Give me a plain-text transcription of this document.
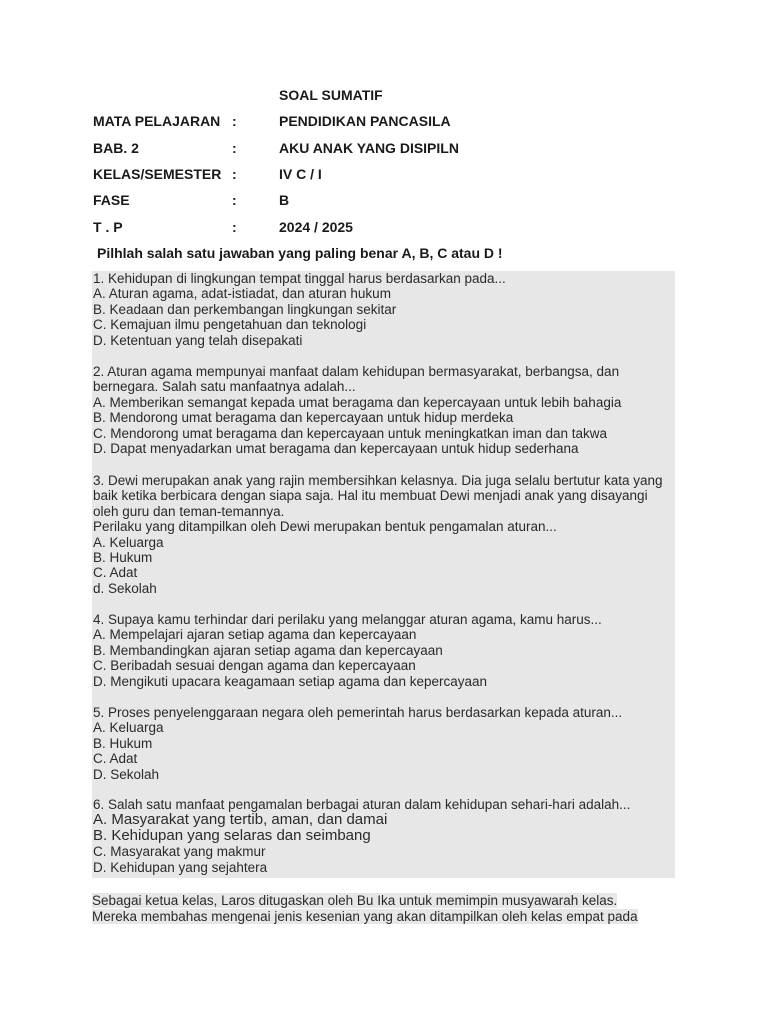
SOAL SUMATIF
MATA PELAJARAN :	PENDIDIKAN PANCASILA
BAB. 2	:	AKU ANAK YANG DISIPILN
KELAS/SEMESTER :	IV C / I
FASE	:	B
T . P	:	2024 / 2025
Pilhlah salah satu jawaban yang paling benar A, B, C atau D !
1. Kehidupan di lingkungan tempat tinggal harus berdasarkan pada...
A. Aturan agama, adat-istiadat, dan aturan hukum
B. Keadaan dan perkembangan lingkungan sekitar
C. Kemajuan ilmu pengetahuan dan teknologi
D. Ketentuan yang telah disepakati
2. Aturan agama mempunyai manfaat dalam kehidupan bermasyarakat, berbangsa, dan bernegara. Salah satu manfaatnya adalah...
A. Memberikan semangat kepada umat beragama dan kepercayaan untuk lebih bahagia
B. Mendorong umat beragama dan kepercayaan untuk hidup merdeka
C. Mendorong umat beragama dan kepercayaan untuk meningkatkan iman dan takwa
D. Dapat menyadarkan umat beragama dan kepercayaan untuk hidup sederhana
3. Dewi merupakan anak yang rajin membersihkan kelasnya. Dia juga selalu bertutur kata yang baik ketika berbicara dengan siapa saja. Hal itu membuat Dewi menjadi anak yang disayangi oleh guru dan teman-temannya.
Perilaku yang ditampilkan oleh Dewi merupakan bentuk pengamalan aturan...
A. Keluarga
B. Hukum
C. Adat
d. Sekolah
4. Supaya kamu terhindar dari perilaku yang melanggar aturan agama, kamu harus...
A. Mempelajari ajaran setiap agama dan kepercayaan
B. Membandingkan ajaran setiap agama dan kepercayaan
C. Beribadah sesuai dengan agama dan kepercayaan
D. Mengikuti upacara keagamaan setiap agama dan kepercayaan
5. Proses penyelenggaraan negara oleh pemerintah harus berdasarkan kepada aturan...
A. Keluarga
B. Hukum
C. Adat
D. Sekolah
6. Salah satu manfaat pengamalan berbagai aturan dalam kehidupan sehari-hari adalah...
A. Masyarakat yang tertib, aman, dan damai
B. Kehidupan yang selaras dan seimbang
C. Masyarakat yang makmur
D. Kehidupan yang sejahtera
Sebagai ketua kelas, Laros ditugaskan oleh Bu Ika untuk memimpin musyawarah kelas.
Mereka membahas mengenai jenis kesenian yang akan ditampilkan oleh kelas empat pada
